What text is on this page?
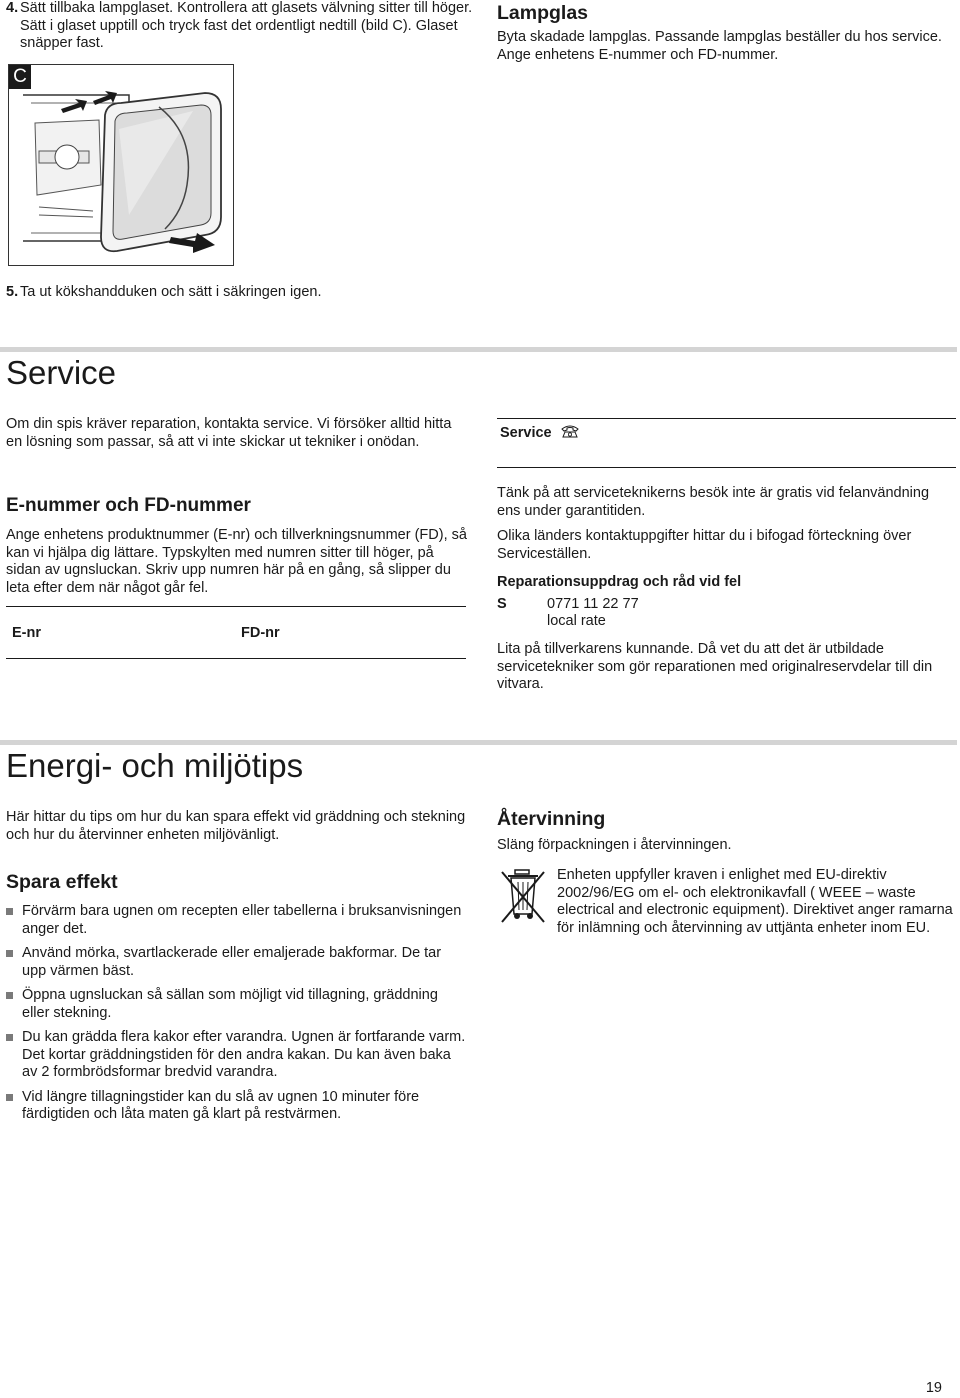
4. Sätt tillbaka lampglaset. Kontrollera att glasets välvning sitter till höger. Sätt i glaset upptill och tryck fast det ordentligt nedtill (bild C). Glaset snäpper fast.

C
5. Ta ut kökshandduken och sätt i säkringen igen.

Lampglas

Byta skadade lampglas. Passande lampglas beställer du hos service. Ange enhetens E-nummer och FD-nummer.

Service

Om din spis kräver reparation, kontakta service. Vi försöker alltid hitta en lösning som passar, så att vi inte skickar ut tekniker i onödan.

E-nummer och FD-nummer

Ange enhetens produktnummer (E-nr) och tillverkningsnummer (FD), så kan vi hjälpa dig lättare. Typskylten med numren sitter till höger, på sidan av ugnsluckan. Skriv upp numren här på en gång, så slipper du leta efter dem när något går fel.

E-nr	FD-nr
Service

Tänk på att serviceteknikerns besök inte är gratis vid felanvändning ens under garantitiden.

Olika länders kontaktuppgifter hittar du i bifogad förteckning över Serviceställen.

Reparationsuppdrag och råd vid fel
S	0771 11 22 77
local rate

Lita på tillverkarens kunnande. Då vet du att det är utbildade servicetekniker som gör reparationen med originalreservdelar till din vitvara.

Energi- och miljötips

Här hittar du tips om hur du kan spara effekt vid gräddning och stekning och hur du återvinner enheten miljövänligt.

Spara effekt
Förvärm bara ugnen om recepten eller tabellerna i bruksanvisningen anger det.
Använd mörka, svartlackerade eller emaljerade bakformar. De tar upp värmen bäst.
Öppna ugnsluckan så sällan som möjligt vid tillagning, gräddning eller stekning.
Du kan grädda flera kakor efter varandra. Ugnen är fortfarande varm. Det kortar gräddningstiden för den andra kakan. Du kan även baka av 2 formbrödsformar bredvid varandra.
Vid längre tillagningstider kan du slå av ugnen 10 minuter före färdigtiden och låta maten gå klart på restvärmen.
Återvinning

Släng förpackningen i återvinningen.

Enheten uppfyller kraven i enlighet med EU-direktiv 2002/96/EG om el- och elektronikavfall ( WEEE – waste electrical and electronic equipment). Direktivet anger ramarna för inlämning och återvinning av uttjänta enheter inom EU.

19
